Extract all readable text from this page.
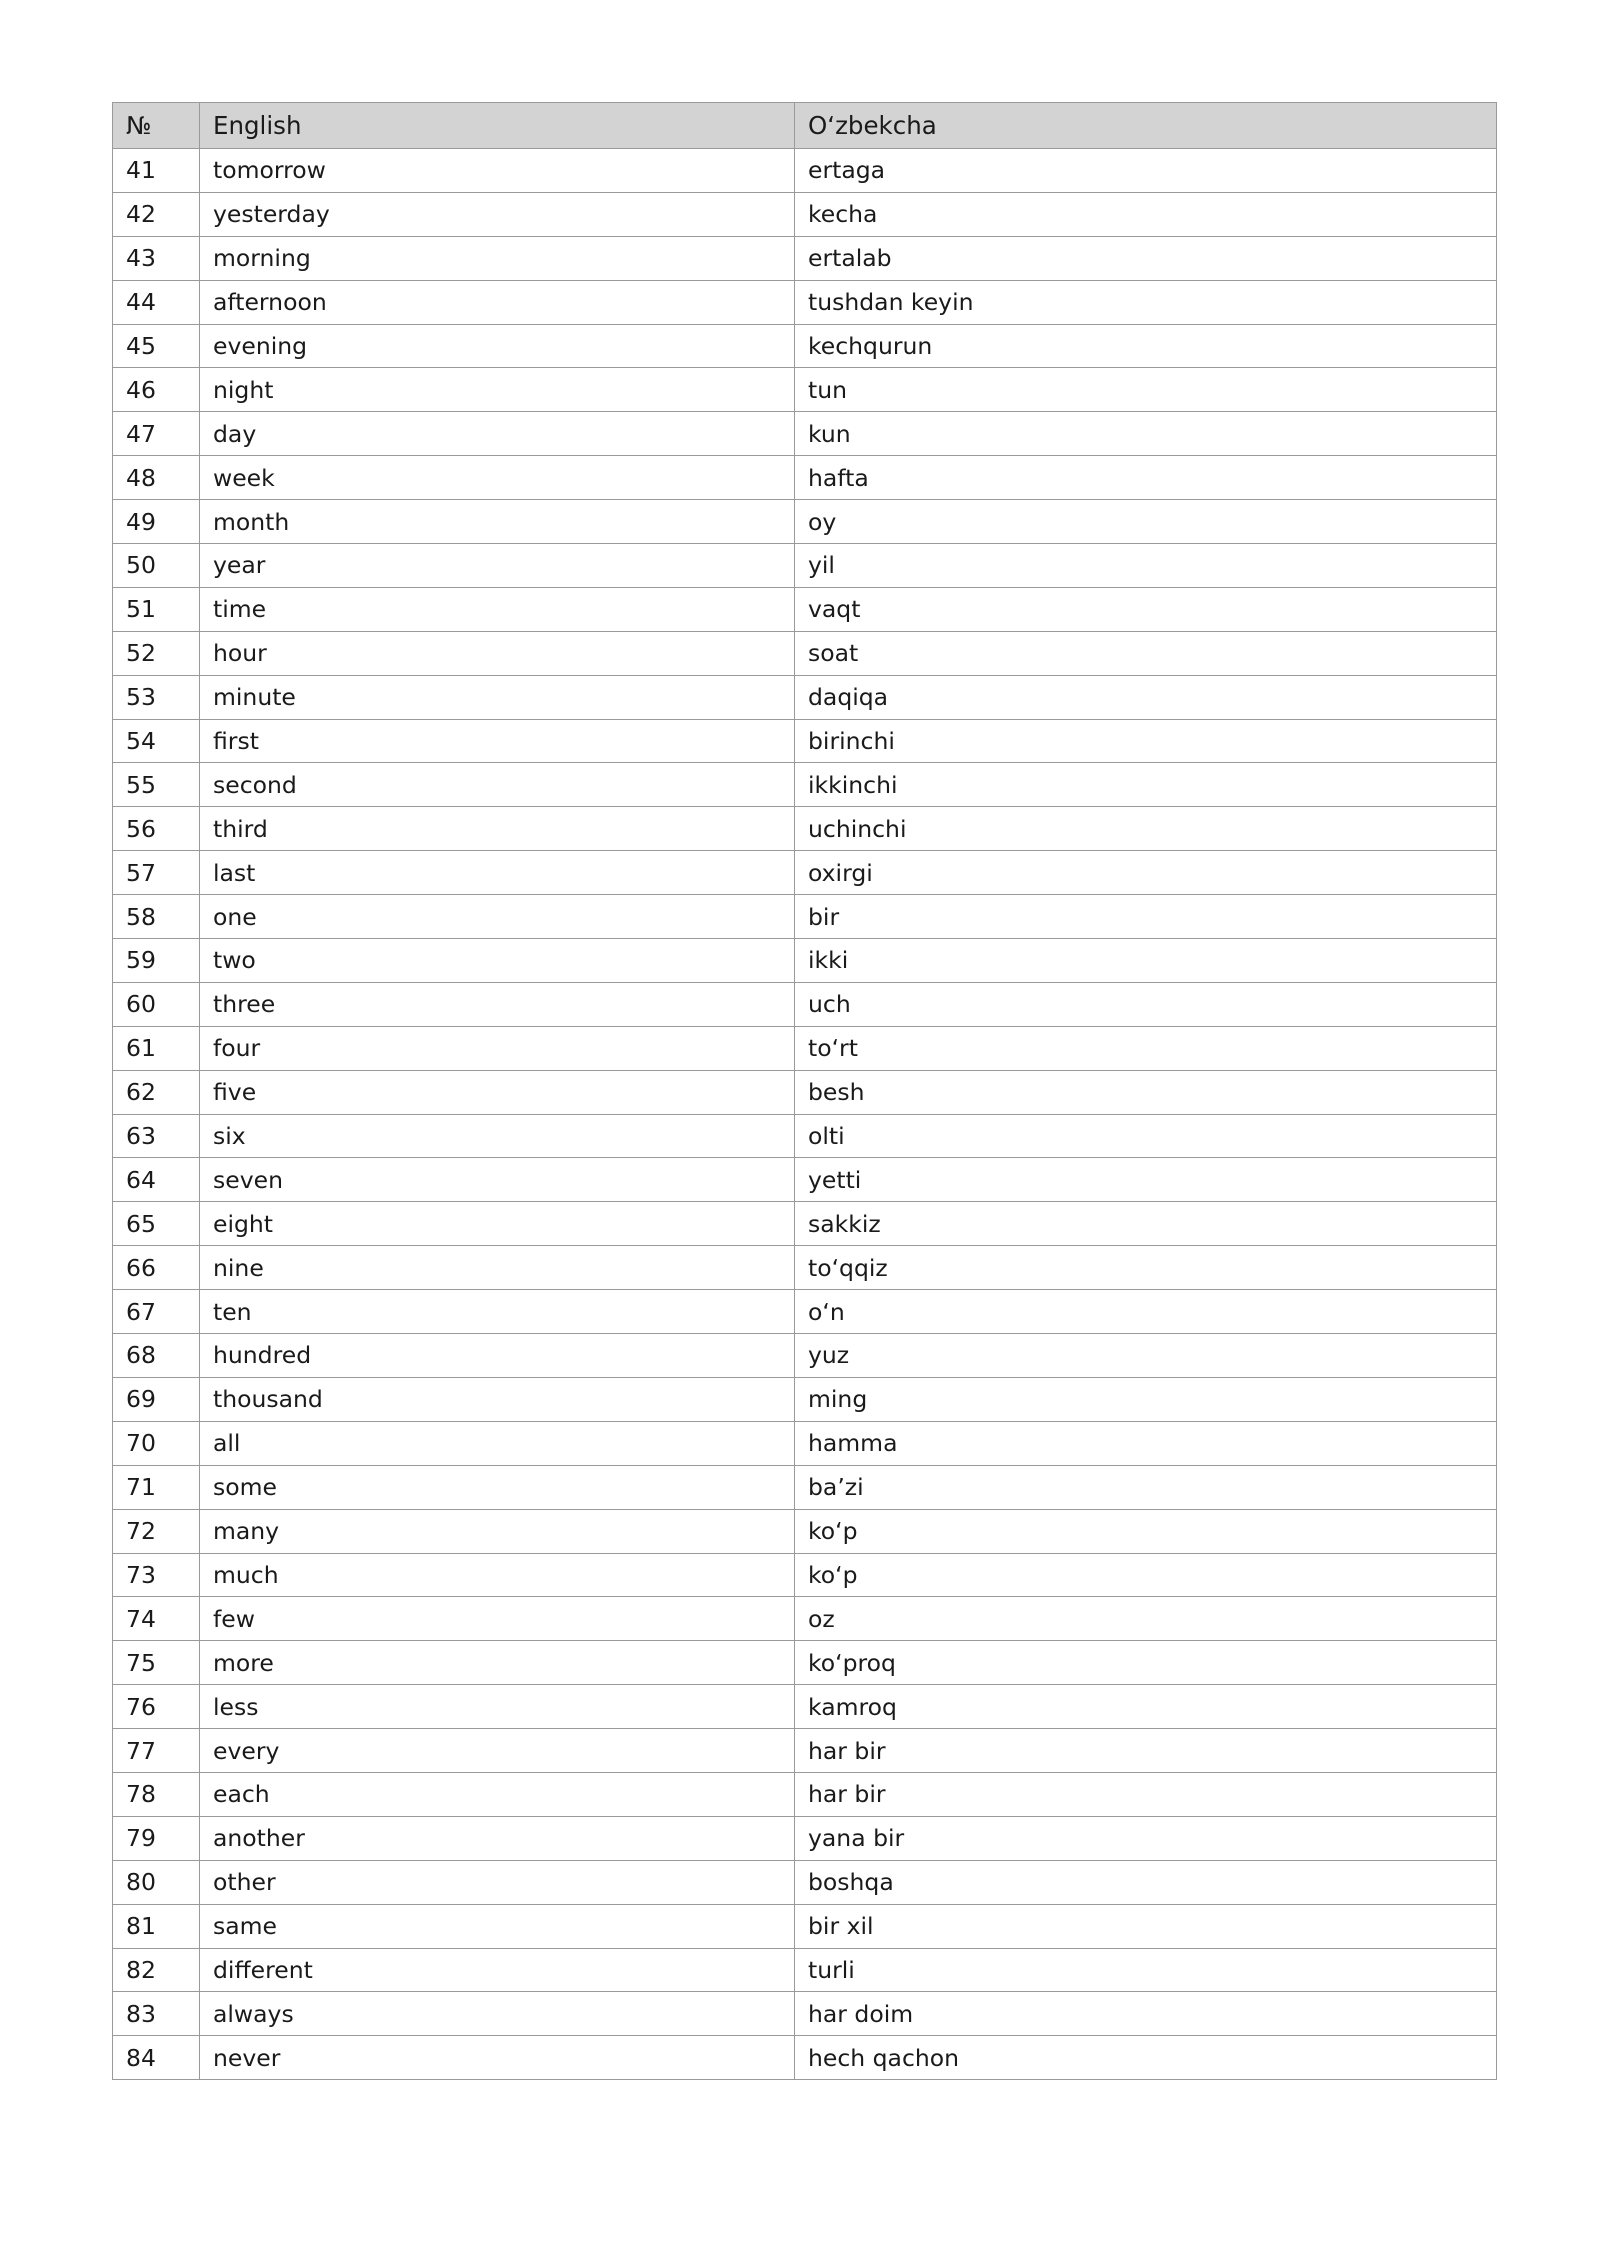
№	English	O‘zbekcha
41	tomorrow	ertaga
42	yesterday	kecha
43	morning	ertalab
44	afternoon	tushdan keyin
45	evening	kechqurun
46	night	tun
47	day	kun
48	week	hafta
49	month	oy
50	year	yil
51	time	vaqt
52	hour	soat
53	minute	daqiqa
54	first	birinchi
55	second	ikkinchi
56	third	uchinchi
57	last	oxirgi
58	one	bir
59	two	ikki
60	three	uch
61	four	to‘rt
62	five	besh
63	six	olti
64	seven	yetti
65	eight	sakkiz
66	nine	to‘qqiz
67	ten	o‘n
68	hundred	yuz
69	thousand	ming
70	all	hamma
71	some	ba’zi
72	many	ko‘p
73	much	ko‘p
74	few	oz
75	more	ko‘proq
76	less	kamroq
77	every	har bir
78	each	har bir
79	another	yana bir
80	other	boshqa
81	same	bir xil
82	different	turli
83	always	har doim
84	never	hech qachon
